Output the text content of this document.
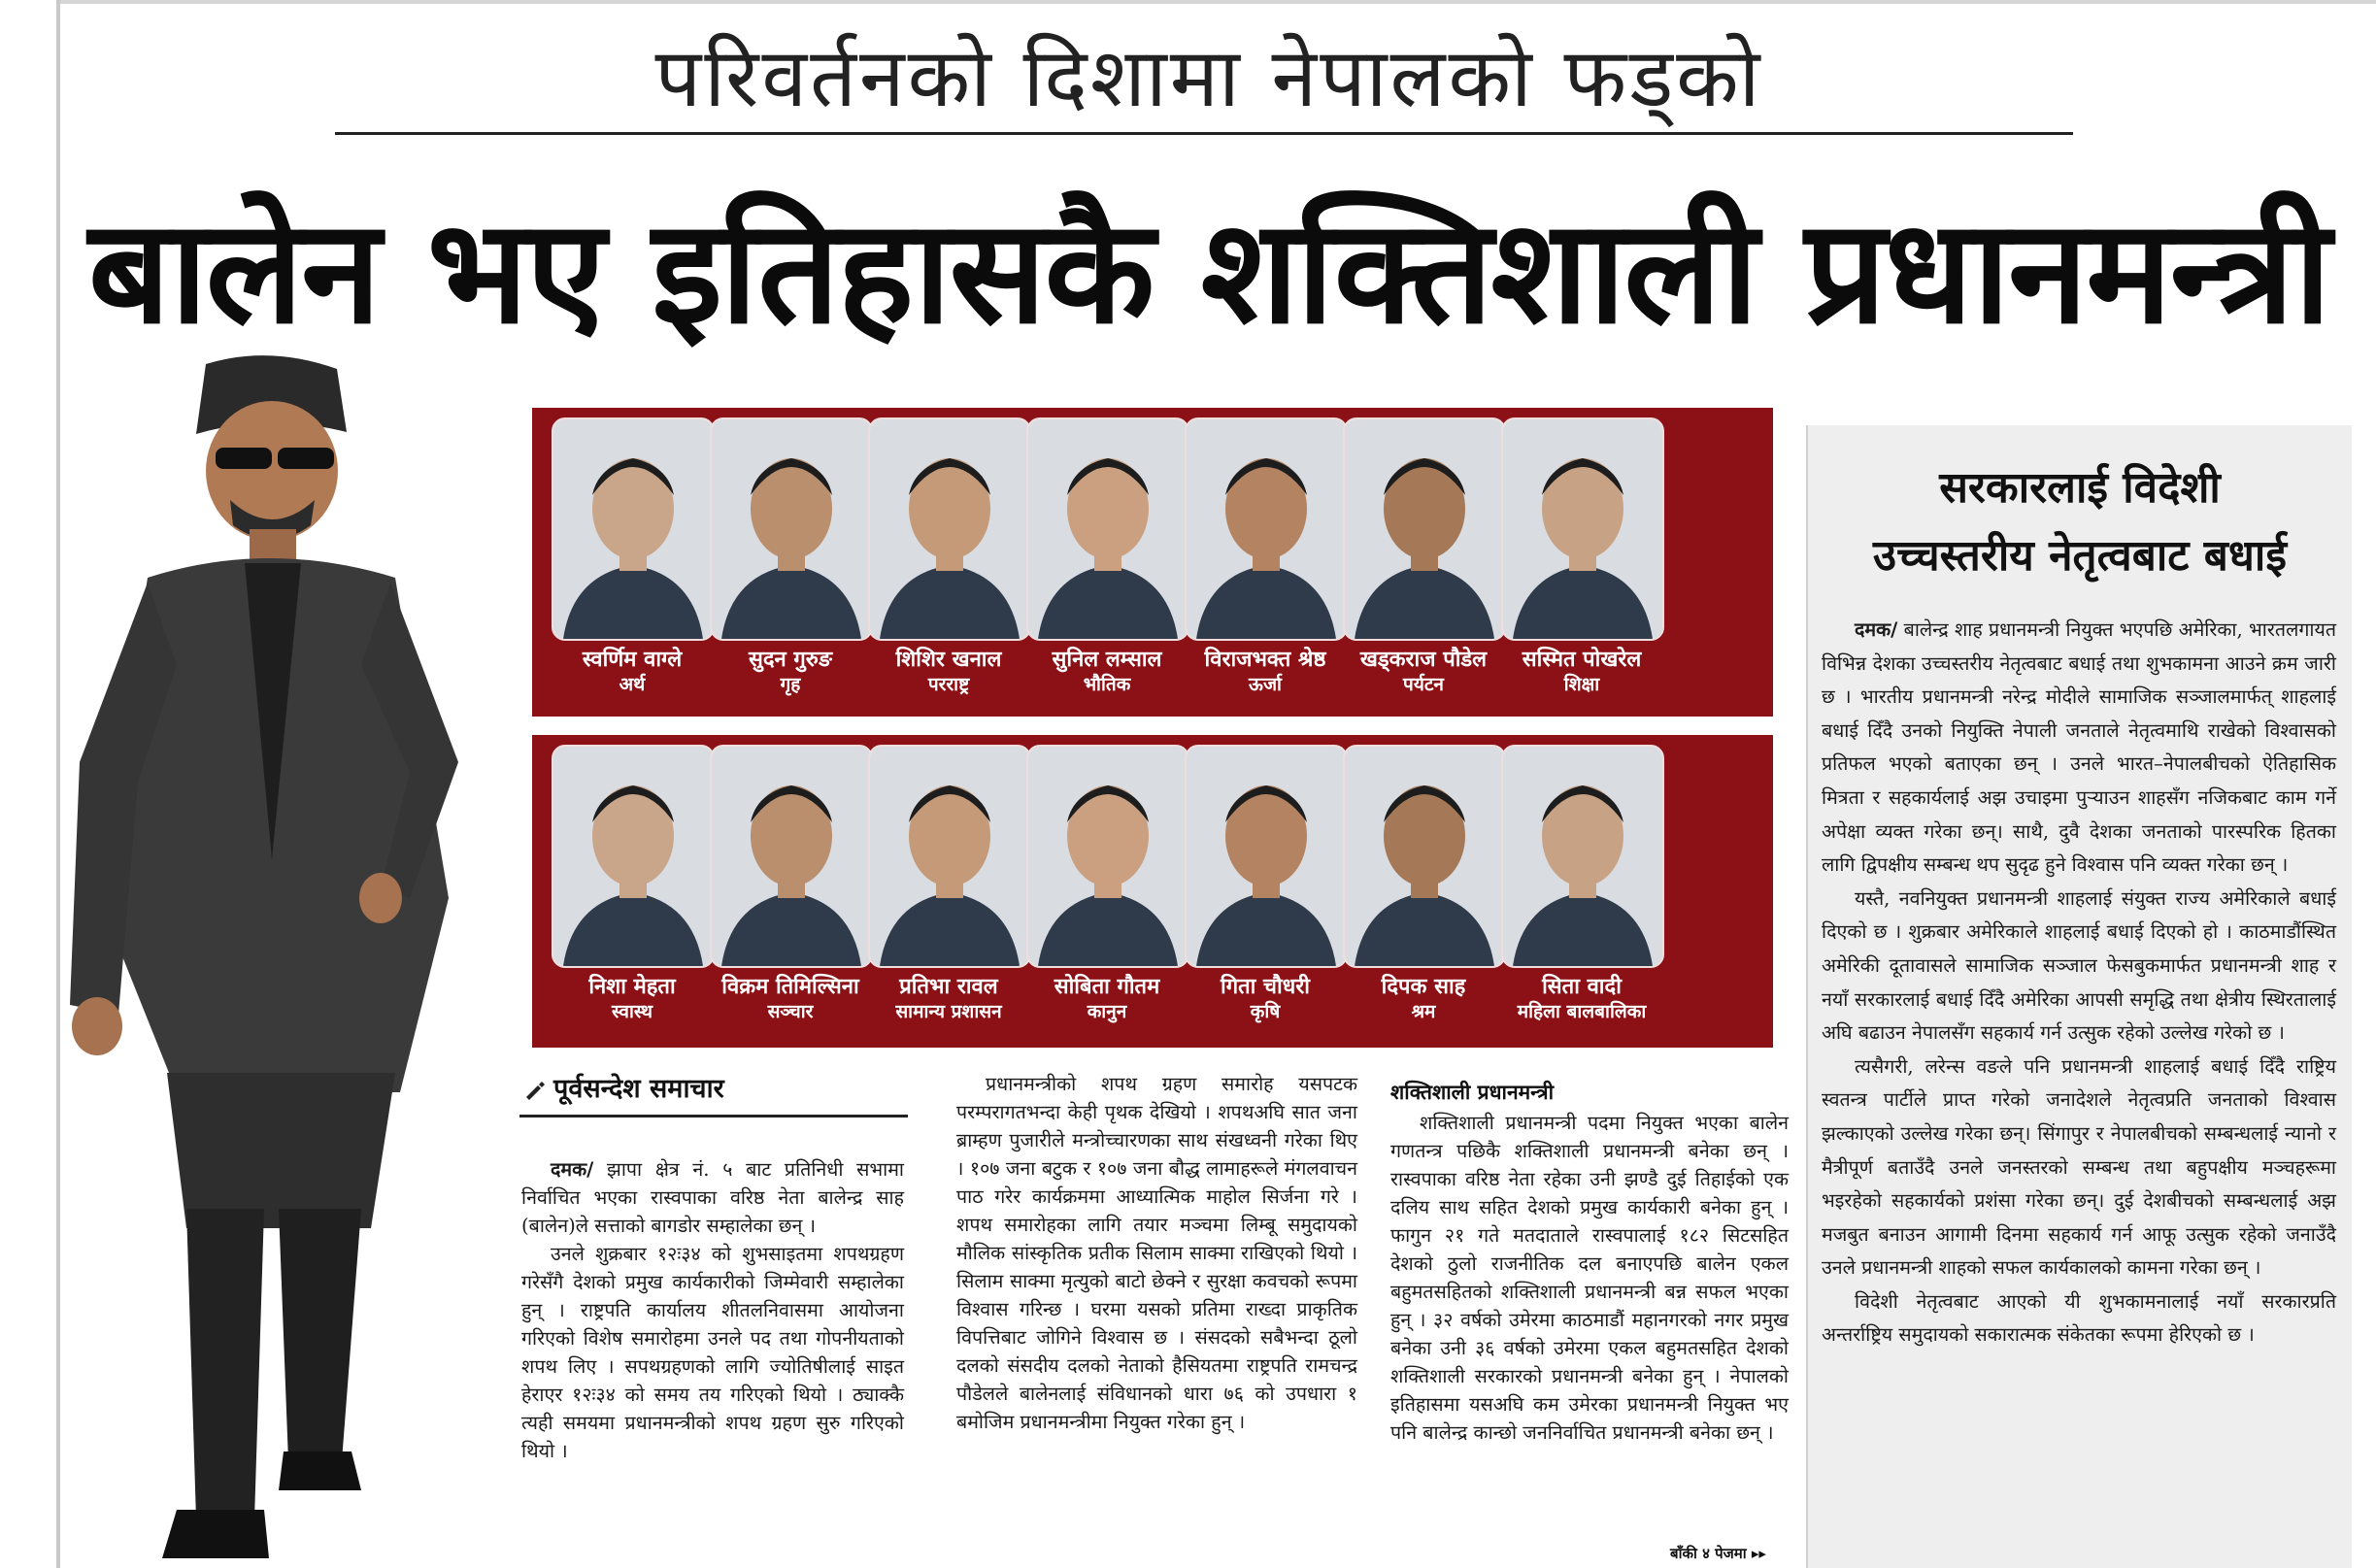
परिवर्तनको दिशामा नेपालको फड्को
बालेन भए इतिहासकै शक्तिशाली प्रधानमन्त्री
स्वर्णिम वाग्ले
अर्थ
सुदन गुरुङ
गृह
शिशिर खनाल
परराष्ट्र
सुनिल लम्साल
भौतिक
विराजभक्त श्रेष्ठ
ऊर्जा
खड्कराज पौडेल
पर्यटन
सस्मित पोखरेल
शिक्षा
निशा मेहता
स्वास्थ
विक्रम तिमिल्सिना
सञ्चार
प्रतिभा रावल
सामान्य प्रशासन
सोबिता गौतम
कानुन
गिता चौधरी
कृषि
दिपक साह
श्रम
सिता वादी
महिला बालबालिका
सरकारलाई विदेशी
उच्चस्तरीय नेतृत्वबाट बधाई

दमक/ बालेन्द्र शाह प्रधानमन्त्री नियुक्त भएपछि अमेरिका, भारतलगायत विभिन्न देशका उच्चस्तरीय नेतृत्वबाट बधाई तथा शुभकामना आउने क्रम जारी छ । भारतीय प्रधानमन्त्री नरेन्द्र मोदीले सामाजिक सञ्जालमार्फत् शाहलाई बधाई दिँदै उनको नियुक्ति नेपाली जनताले नेतृत्वमाथि राखेको विश्वासको प्रतिफल भएको बताएका छन् । उनले भारत–नेपालबीचको ऐतिहासिक मित्रता र सहकार्यलाई अझ उचाइमा पुऱ्याउन शाहसँग नजिकबाट काम गर्ने अपेक्षा व्यक्त गरेका छन्। साथै, दुवै देशका जनताको पारस्परिक हितका लागि द्विपक्षीय सम्बन्ध थप सुदृढ हुने विश्वास पनि व्यक्त गरेका छन् ।

यस्तै, नवनियुक्त प्रधानमन्त्री शाहलाई संयुक्त राज्य अमेरिकाले बधाई दिएको छ । शुक्रबार अमेरिकाले शाहलाई बधाई दिएको हो । काठमाडौंस्थित अमेरिकी दूतावासले सामाजिक सञ्जाल फेसबुकमार्फत प्रधानमन्त्री शाह र नयाँ सरकारलाई बधाई दिँदै अमेरिका आपसी समृद्धि तथा क्षेत्रीय स्थिरतालाई अघि बढाउन नेपालसँग सहकार्य गर्न उत्सुक रहेको उल्लेख गरेको छ ।

त्यसैगरी, लरेन्स वङले पनि प्रधानमन्त्री शाहलाई बधाई दिँदै राष्ट्रिय स्वतन्त्र पार्टीले प्राप्त गरेको जनादेशले नेतृत्वप्रति जनताको विश्वास झल्काएको उल्लेख गरेका छन्। सिंगापुर र नेपालबीचको सम्बन्धलाई न्यानो र मैत्रीपूर्ण बताउँदै उनले जनस्तरको सम्बन्ध तथा बहुपक्षीय मञ्चहरूमा भइरहेको सहकार्यको प्रशंसा गरेका छन्। दुई देशबीचको सम्बन्धलाई अझ मजबुत बनाउन आगामी दिनमा सहकार्य गर्न आफू उत्सुक रहेको जनाउँदै उनले प्रधानमन्त्री शाहको सफल कार्यकालको कामना गरेका छन् ।

विदेशी नेतृत्वबाट आएको यी शुभकामनालाई नयाँ सरकारप्रति अन्तर्राष्ट्रिय समुदायको सकारात्मक संकेतका रूपमा हेरिएको छ ।

पूर्वसन्देश समाचार

दमक/ झापा क्षेत्र नं. ५ बाट प्रतिनिधी सभामा निर्वाचित भएका रास्वपाका वरिष्ठ नेता बालेन्द्र साह (बालेन)ले सत्ताको बागडोर सम्हालेका छन् ।

उनले शुक्रबार १२ः३४ को शुभसाइतमा शपथग्रहण गरेसँगै देशको प्रमुख कार्यकारीको जिम्मेवारी सम्हालेका हुन् । राष्ट्रपति कार्यालय शीतलनिवासमा आयोजना गरिएको विशेष समारोहमा उनले पद तथा गोपनीयताको शपथ लिए । सपथग्रहणको लागि ज्योतिषीलाई साइत हेराएर १२ः३४ को समय तय गरिएको थियो । ठ्याक्कै त्यही समयमा प्रधानमन्त्रीको शपथ ग्रहण सुरु गरिएको थियो ।

प्रधानमन्त्रीको शपथ ग्रहण समारोह यसपटक परम्परागतभन्दा केही पृथक देखियो । शपथअघि सात जना ब्राम्हण पुजारीले मन्त्रोच्चारणका साथ संखध्वनी गरेका थिए । १०७ जना बटुक र १०७ जना बौद्ध लामाहरूले मंगलवाचन पाठ गरेर कार्यक्रममा आध्यात्मिक माहोल सिर्जना गरे । शपथ समारोहका लागि तयार मञ्चमा लिम्बू समुदायको मौलिक सांस्कृतिक प्रतीक सिलाम साक्मा राखिएको थियो । सिलाम साक्मा मृत्युको बाटो छेक्ने र सुरक्षा कवचको रूपमा विश्वास गरिन्छ । घरमा यसको प्रतिमा राख्दा प्राकृतिक विपत्तिबाट जोगिने विश्वास छ । संसदको सबैभन्दा ठूलो दलको संसदीय दलको नेताको हैसियतमा राष्ट्रपति रामचन्द्र पौडेलले बालेनलाई संविधानको धारा ७६ को उपधारा १ बमोजिम प्रधानमन्त्रीमा नियुक्त गरेका हुन् ।

शक्तिशाली प्रधानमन्त्री

शक्तिशाली प्रधानमन्त्री पदमा नियुक्त भएका बालेन गणतन्त्र पछिकै शक्तिशाली प्रधानमन्त्री बनेका छन् । रास्वपाका वरिष्ठ नेता रहेका उनी झण्डै दुई तिहाईको एक दलिय साथ सहित देशको प्रमुख कार्यकारी बनेका हुन् । फागुन २१ गते मतदाताले रास्वपालाई १८२ सिटसहित देशको ठुलो राजनीतिक दल बनाएपछि बालेन एकल बहुमतसहितको शक्तिशाली प्रधानमन्त्री बन्न सफल भएका हुन् । ३२ वर्षको उमेरमा काठमाडौं महानगरको नगर प्रमुख बनेका उनी ३६ वर्षको उमेरमा एकल बहुमतसहित देशको शक्तिशाली सरकारको प्रधानमन्त्री बनेका हुन् । नेपालको इतिहासमा यसअघि कम उमेरका प्रधानमन्त्री नियुक्त भए पनि बालेन्द्र कान्छो जननिर्वाचित प्रधानमन्त्री बनेका छन् ।

बाँकी ४ पेजमा ▸▸
